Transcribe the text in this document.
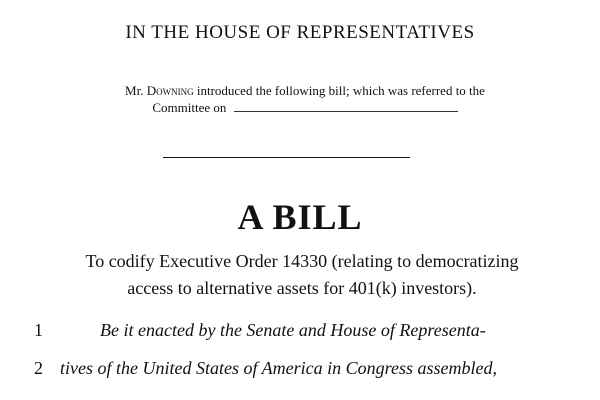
IN THE HOUSE OF REPRESENTATIVES
Mr. Downing introduced the following bill; which was referred to the
Committee on
A BILL
To codify Executive Order 14330 (relating to democratizing
access to alternative assets for 401(k) investors).
1	Be it enacted by the Senate and House of Representa-
2 tives of the United States of America in Congress assembled,
